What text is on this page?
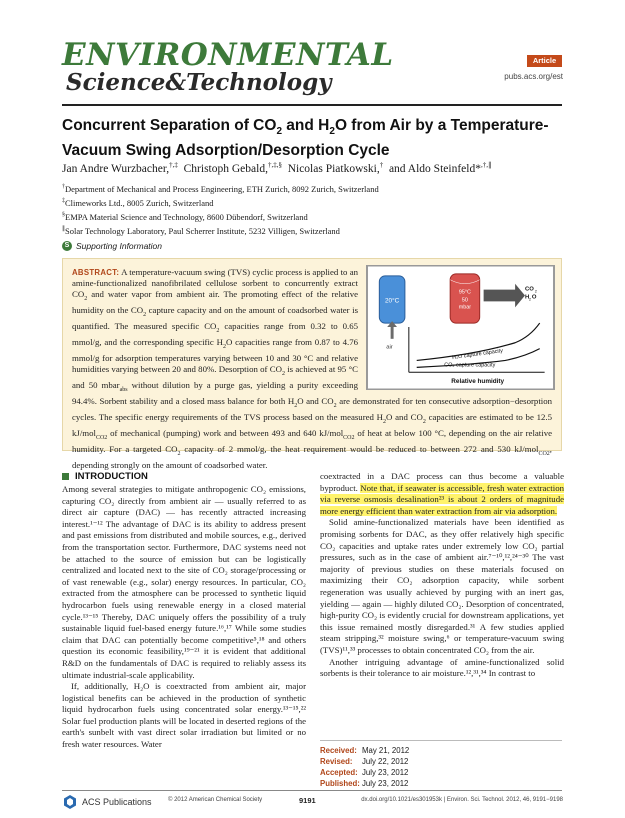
ENVIRONMENTAL
Science&Technology
Article
pubs.acs.org/est
Concurrent Separation of $CO_2$ and $H_2O$ from Air by a Temperature-Vacuum Swing Adsorption/Desorption Cycle
Jan Andre Wurzbacher,†,‡ Christoph Gebald,†,‡,§ Nicolas Piatkowski,† and Aldo Steinfeld*,†,∥
†Department of Mechanical and Process Engineering, ETH Zurich, 8092 Zurich, Switzerland
‡Climeworks Ltd., 8005 Zurich, Switzerland
§EMPA Material Science and Technology, 8600 Dübendorf, Switzerland
∥Solar Technology Laboratory, Paul Scherrer Institute, 5232 Villigen, Switzerland
S Supporting Information
20°C
air
95°C
50
mbar
CO 2
H 2 O
H₂O capture capacity
CO₂ capture capacity
Relative humidity
ABSTRACT: A temperature-vacuum swing (TVS) cyclic process is applied to an amine-functionalized nanofibrilated cellulose sorbent to concurrently extract $CO_2$ and water vapor from ambient air. The promoting effect of the relative humidity on the $CO_2$ capture capacity and on the amount of coadsorbed water is quantified. The measured specific $CO_2$ capacities range from 0.32 to 0.65 mmol/g, and the corresponding specific $H_2O$ capacities range from 0.87 to 4.76 mmol/g for adsorption temperatures varying between 10 and 30 °C and relative humidities varying between 20 and 80%. Desorption of $CO_2$ is achieved at 95 °C and 50 mbar$_{abs}$ without dilution by a purge gas, yielding a purity exceeding 94.4%. Sorbent stability and a closed mass balance for both $H_2O$ and $CO_2$ are demonstrated for ten consecutive adsorption−desorption cycles. The specific energy requirements of the TVS process based on the measured $H_2O$ and $CO_2$ capacities are estimated to be 12.5 kJ/mol$_{CO2}$ of mechanical (pumping) work and between 493 and 640 kJ/mol$_{CO2}$ of heat at below 100 °C, depending on the air relative humidity. For a targeted $CO_2$ capacity of 2 mmol/g, the heat requirement would be reduced to between 272 and 530 kJ/mol$_{CO2}$, depending strongly on the amount of coadsorbed water.
INTRODUCTION

Among several strategies to mitigate anthropogenic CO₂ emissions, capturing CO₂ directly from ambient air — usually referred to as direct air capture (DAC) — has recently attracted increasing interest.¹⁻¹² The advantage of DAC is its ability to address present and past emissions from distributed and mobile sources, e.g., derived from the transportation sector. Furthermore, DAC systems need not be attached to the source of emission but can be logistically centralized and located next to the site of CO₂ storage/processing or of vast renewable (e.g., solar) energy resources. In particular, CO₂ extracted from the atmosphere can be processed to synthetic liquid hydrocarbon fuels using renewable energy in a closed material cycle.¹³⁻¹⁵ Thereby, DAC uniquely offers the possibility of a truly sustainable liquid fuel-based energy future.¹⁶,¹⁷ While some studies claim that DAC can potentially become competitive⁵,¹⁸ and others question its economic feasibility,¹⁹⁻²¹ it is evident that additional R&D on the fundamentals of DAC is required to reliably assess its ultimate industrial-scale applicability.

If, additionally, H₂O is coextracted from ambient air, major logistical benefits can be achieved in the production of synthetic liquid hydrocarbon fuels using concentrated solar energy.¹³⁻¹⁵,²² Solar fuel production plants will be located in deserted regions of the earth's sunbelt with vast direct solar irradiation but limited or no fresh water resources. Water

coextracted in a DAC process can thus become a valuable byproduct. Note that, if seawater is accessible, fresh water extraction via reverse osmosis desalination²³ is about 2 orders of magnitude more energy efficient than water extraction from air via adsorption.

Solid amine-functionalized materials have been identified as promising sorbents for DAC, as they offer relatively high specific CO₂ capacities and uptake rates under extremely low CO₂ partial pressures, such as in the case of ambient air.⁷⁻¹⁰,¹²,²⁴⁻³⁰ The vast majority of previous studies on these materials focused on maximizing their CO₂ adsorption capacity, while sorbent regeneration was usually achieved by purging with an inert gas, yielding — again — highly diluted CO₂. Desorption of concentrated, high-purity CO₂ is evidently crucial for downstream applications, yet this issue remained mostly disregarded.³¹ A few studies applied steam stripping,³² moisture swing,⁶ or temperature-vacuum swing (TVS)¹¹,³³ processes to obtain concentrated CO₂ from the air.

Another intriguing advantage of amine-functionalized solid sorbents is their tolerance to air moisture.¹²,³¹,³⁴ In contrast to

Received: May 21, 2012
Revised:	July 22, 2012
Accepted: July 23, 2012
Published: July 23, 2012
ACS Publications	© 2012 American Chemical Society	9191	dx.doi.org/10.1021/es301953k | Environ. Sci. Technol. 2012, 46, 9191−9198
